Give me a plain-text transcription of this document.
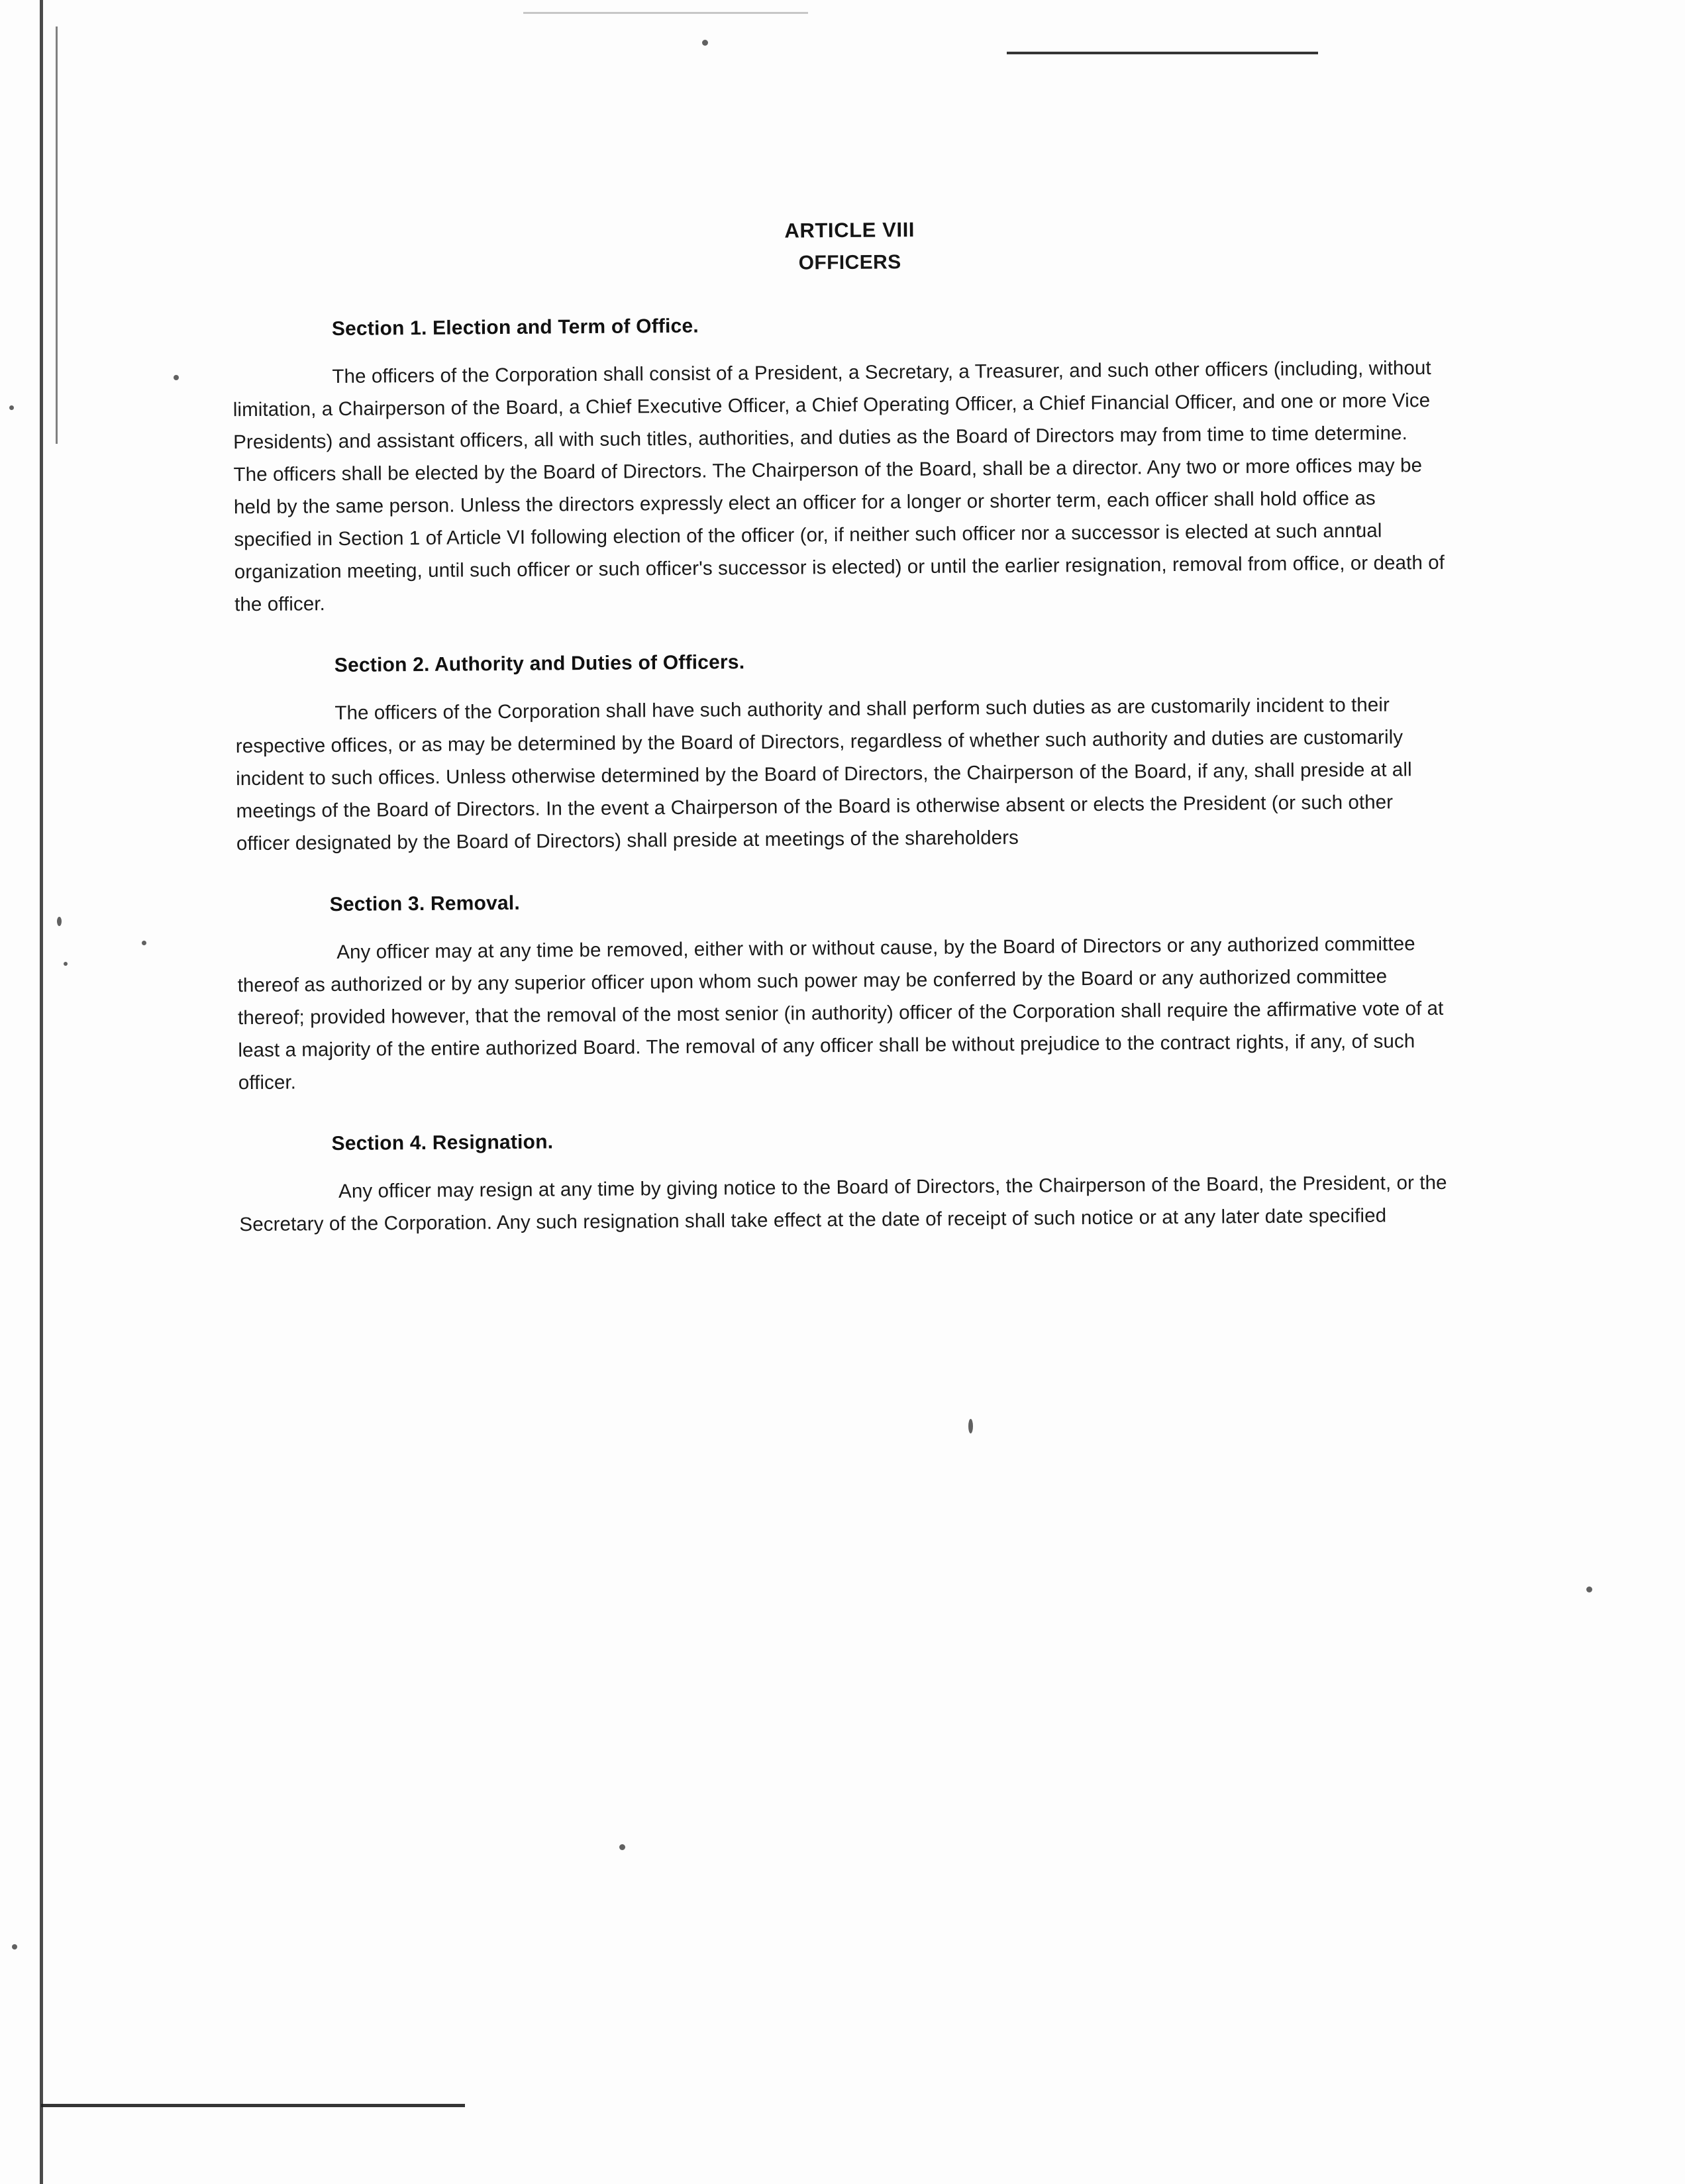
ARTICLE VIII
OFFICERS
Section 1. Election and Term of Office.

The officers of the Corporation shall consist of a President, a Secretary, a Treasurer, and such other officers (including, without limitation, a Chairperson of the Board, a Chief Executive Officer, a Chief Operating Officer, a Chief Financial Officer, and one or more Vice Presidents) and assistant officers, all with such titles, authorities, and duties as the Board of Directors may from time to time determine. The officers shall be elected by the Board of Directors. The Chairperson of the Board, shall be a director. Any two or more offices may be held by the same person. Unless the directors expressly elect an officer for a longer or shorter term, each officer shall hold office as specified in Section 1 of Article VI following election of the officer (or, if neither such officer nor a successor is elected at such annual organization meeting, until such officer or such officer's successor is elected) or until the earlier resignation, removal from office, or death of the officer.

Section 2. Authority and Duties of Officers.

The officers of the Corporation shall have such authority and shall perform such duties as are customarily incident to their respective offices, or as may be determined by the Board of Directors, regardless of whether such authority and duties are customarily incident to such offices. Unless otherwise determined by the Board of Directors, the Chairperson of the Board, if any, shall preside at all meetings of the Board of Directors. In the event a Chairperson of the Board is otherwise absent or elects the President (or such other officer designated by the Board of Directors) shall preside at meetings of the shareholders

Section 3. Removal.

Any officer may at any time be removed, either with or without cause, by the Board of Directors or any authorized committee thereof as authorized or by any superior officer upon whom such power may be conferred by the Board or any authorized committee thereof; provided however, that the removal of the most senior (in authority) officer of the Corporation shall require the affirmative vote of at least a majority of the entire authorized Board. The removal of any officer shall be without prejudice to the contract rights, if any, of such officer.

Section 4. Resignation.

Any officer may resign at any time by giving notice to the Board of Directors, the Chairperson of the Board, the President, or the Secretary of the Corporation. Any such resignation shall take effect at the date of receipt of such notice or at any later date specified
